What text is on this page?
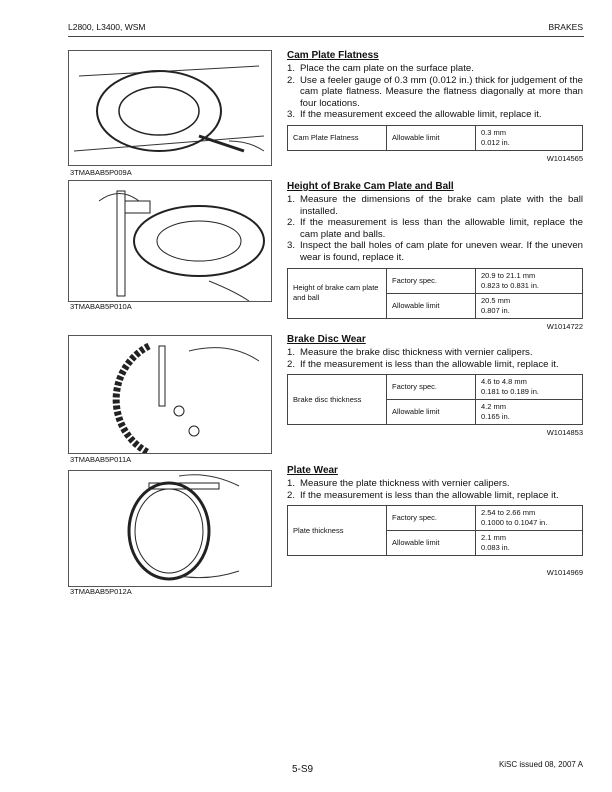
L2800, L3400, WSM	BRAKES
3TMABAB5P009A
3TMABAB5P010A
3TMABAB5P011A
3TMABAB5P012A
Cam Plate Flatness
1. Place the cam plate on the surface plate.
2. Use a feeler gauge of 0.3 mm (0.012 in.) thick for judgement of the cam plate flatness. Measure the flatness diagonally at more than four locations.
3. If the measurement exceed the allowable limit, replace it.
Cam Plate Flatness	Allowable limit	
0.3 mm
0.012 in.
W1014565
Height of Brake Cam Plate and Ball
1. Measure the dimensions of the brake cam plate with the ball installed.
2. If the measurement is less than the allowable limit, replace the cam plate and balls.
3. Inspect the ball holes of cam plate for uneven wear. If the uneven wear is found, replace it.
Height of brake cam plate and ball	Factory spec.	20.9 to 21.1 mm
0.823 to 0.831 in.

	Allowable limit	20.5 mm
0.807 in.
W1014722
Brake Disc Wear
1. Measure the brake disc thickness with vernier calipers.
2. If the measurement is less than the allowable limit, replace it.
Brake disc thickness	Factory spec.	4.6 to 4.8 mm
0.181 to 0.189 in.

	Allowable limit	4.2 mm
0.165 in.
W1014853
Plate Wear
1. Measure the plate thickness with vernier calipers.
2. If the measurement is less than the allowable limit, replace it.
Plate thickness	Factory spec.	2.54 to 2.66 mm
0.1000 to 0.1047 in.

	Allowable limit	2.1 mm
0.083 in.
W1014969
5-S9	KiSC issued 08, 2007 A
